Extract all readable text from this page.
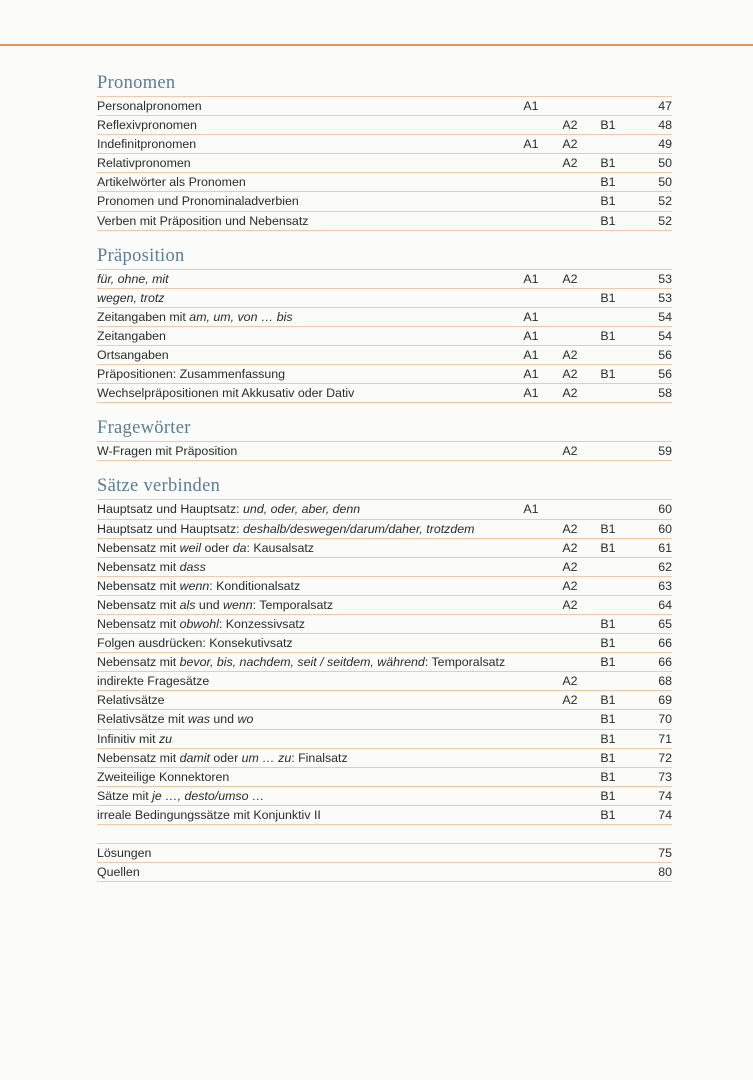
Pronomen
Personalpronomen	A1	47
Reflexivpronomen	A2 B1	48
Indefinitpronomen	A1 A2	49
Relativpronomen	A2 B1	50
Artikelwörter als Pronomen	B1	50
Pronomen und Pronominaladverbien	B1	52
Verben mit Präposition und Nebensatz	B1	52
Präposition
für, ohne, mit	A1 A2	53
wegen, trotz	B1	53
Zeitangaben mit am, um, von … bis	A1	54
Zeitangaben	A1	B1	54
Ortsangaben	A1 A2	56
Präpositionen: Zusammenfassung	A1 A2 B1	56
Wechselpräpositionen mit Akkusativ oder Dativ	A1 A2	58
Fragewörter
W-Fragen mit Präposition	A2	59
Sätze verbinden
Hauptsatz und Hauptsatz: und, oder, aber, denn	A1	60
Hauptsatz und Hauptsatz: deshalb/deswegen/darum/daher, trotzdem	A2 B1	60
Nebensatz mit weil oder da: Kausalsatz	A2 B1	61
Nebensatz mit dass	A2	62
Nebensatz mit wenn: Konditionalsatz	A2	63
Nebensatz mit als und wenn: Temporalsatz	A2	64
Nebensatz mit obwohl: Konzessivsatz	B1	65
Folgen ausdrücken: Konsekutivsatz	B1	66
Nebensatz mit bevor, bis, nachdem, seit / seitdem, während: Temporalsatz	B1	66
indirekte Fragesätze	A2	68
Relativsätze	A2 B1	69
Relativsätze mit was und wo	B1	70
Infinitiv mit zu	B1	71
Nebensatz mit damit oder um … zu: Finalsatz	B1	72
Zweiteilige Konnektoren	B1	73
Sätze mit je …, desto/umso …	B1	74
irreale Bedingungssätze mit Konjunktiv II	B1	74
Lösungen	75
Quellen	80
